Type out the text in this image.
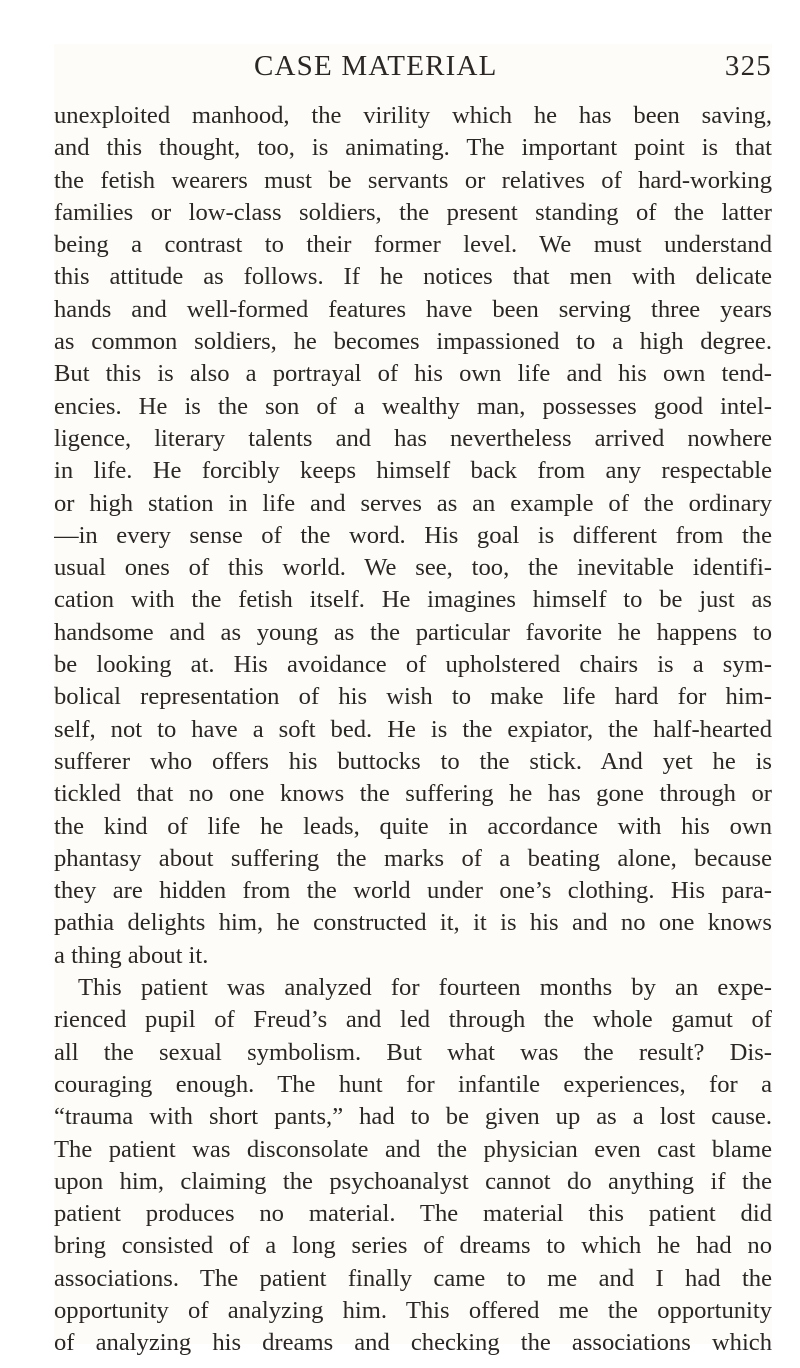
CASE MATERIAL	325
unexploited manhood, the virility which he has been saving,
and this thought, too, is animating. The important point is that
the fetish wearers must be servants or relatives of hard-working
families or low-class soldiers, the present standing of the latter
being a contrast to their former level. We must understand
this attitude as follows. If he notices that men with delicate
hands and well-formed features have been serving three years
as common soldiers, he becomes impassioned to a high degree.
But this is also a portrayal of his own life and his own tend-
encies. He is the son of a wealthy man, possesses good intel-
ligence, literary talents and has nevertheless arrived nowhere
in life. He forcibly keeps himself back from any respectable
or high station in life and serves as an example of the ordinary
—in every sense of the word. His goal is different from the
usual ones of this world. We see, too, the inevitable identifi-
cation with the fetish itself. He imagines himself to be just as
handsome and as young as the particular favorite he happens to
be looking at. His avoidance of upholstered chairs is a sym-
bolical representation of his wish to make life hard for him-
self, not to have a soft bed. He is the expiator, the half-hearted
sufferer who offers his buttocks to the stick. And yet he is
tickled that no one knows the suffering he has gone through or
the kind of life he leads, quite in accordance with his own
phantasy about suffering the marks of a beating alone, because
they are hidden from the world under one’s clothing. His para-
pathia delights him, he constructed it, it is his and no one knows
a thing about it.
This patient was analyzed for fourteen months by an expe-
rienced pupil of Freud’s and led through the whole gamut of
all the sexual symbolism. But what was the result? Dis-
couraging enough. The hunt for infantile experiences, for a
“trauma with short pants,” had to be given up as a lost cause.
The patient was disconsolate and the physician even cast blame
upon him, claiming the psychoanalyst cannot do anything if the
patient produces no material. The material this patient did
bring consisted of a long series of dreams to which he had no
associations. The patient finally came to me and I had the
opportunity of analyzing him. This offered me the opportunity
of analyzing his dreams and checking the associations which
